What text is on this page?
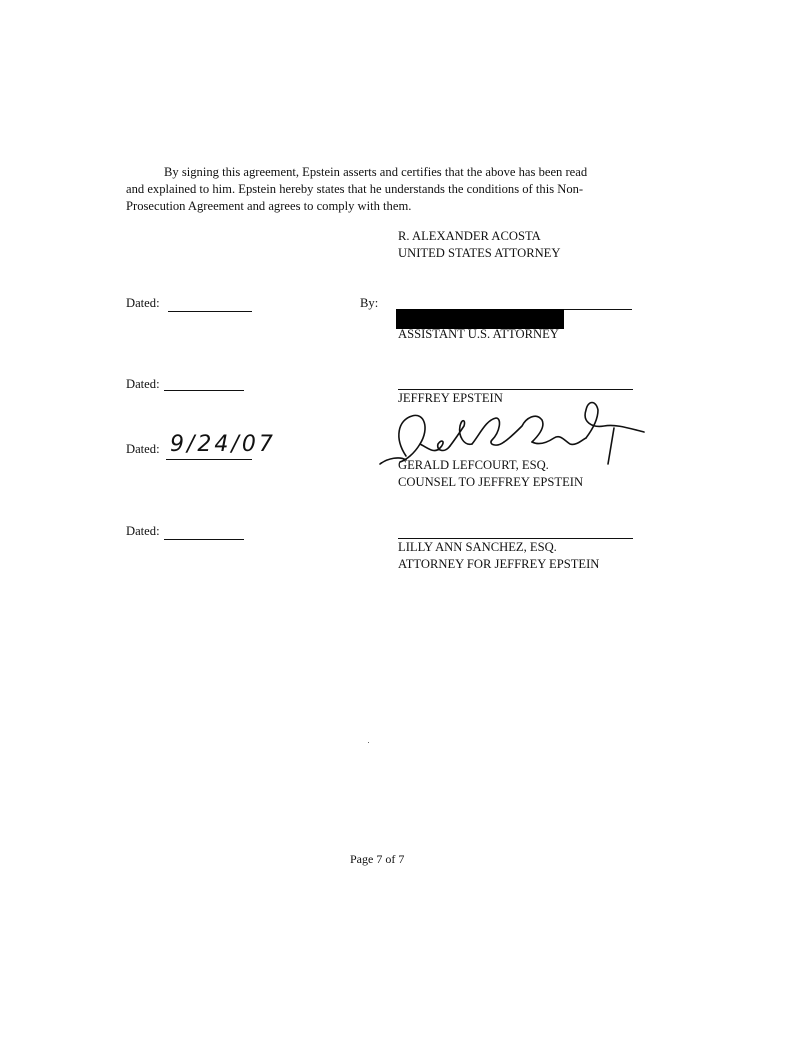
By signing this agreement, Epstein asserts and certifies that the above has been read
and explained to him. Epstein hereby states that he understands the conditions of this Non-
Prosecution Agreement and agrees to comply with them.

R. ALEXANDER ACOSTA
UNITED STATES ATTORNEY
Dated:	By:
ASSISTANT U.S. ATTORNEY
Dated:
JEFFREY EPSTEIN
Dated: 9/24/07
GERALD LEFCOURT, ESQ.
COUNSEL TO JEFFREY EPSTEIN
Dated:
LILLY ANN SANCHEZ, ESQ.
ATTORNEY FOR JEFFREY EPSTEIN
Page 7 of 7
